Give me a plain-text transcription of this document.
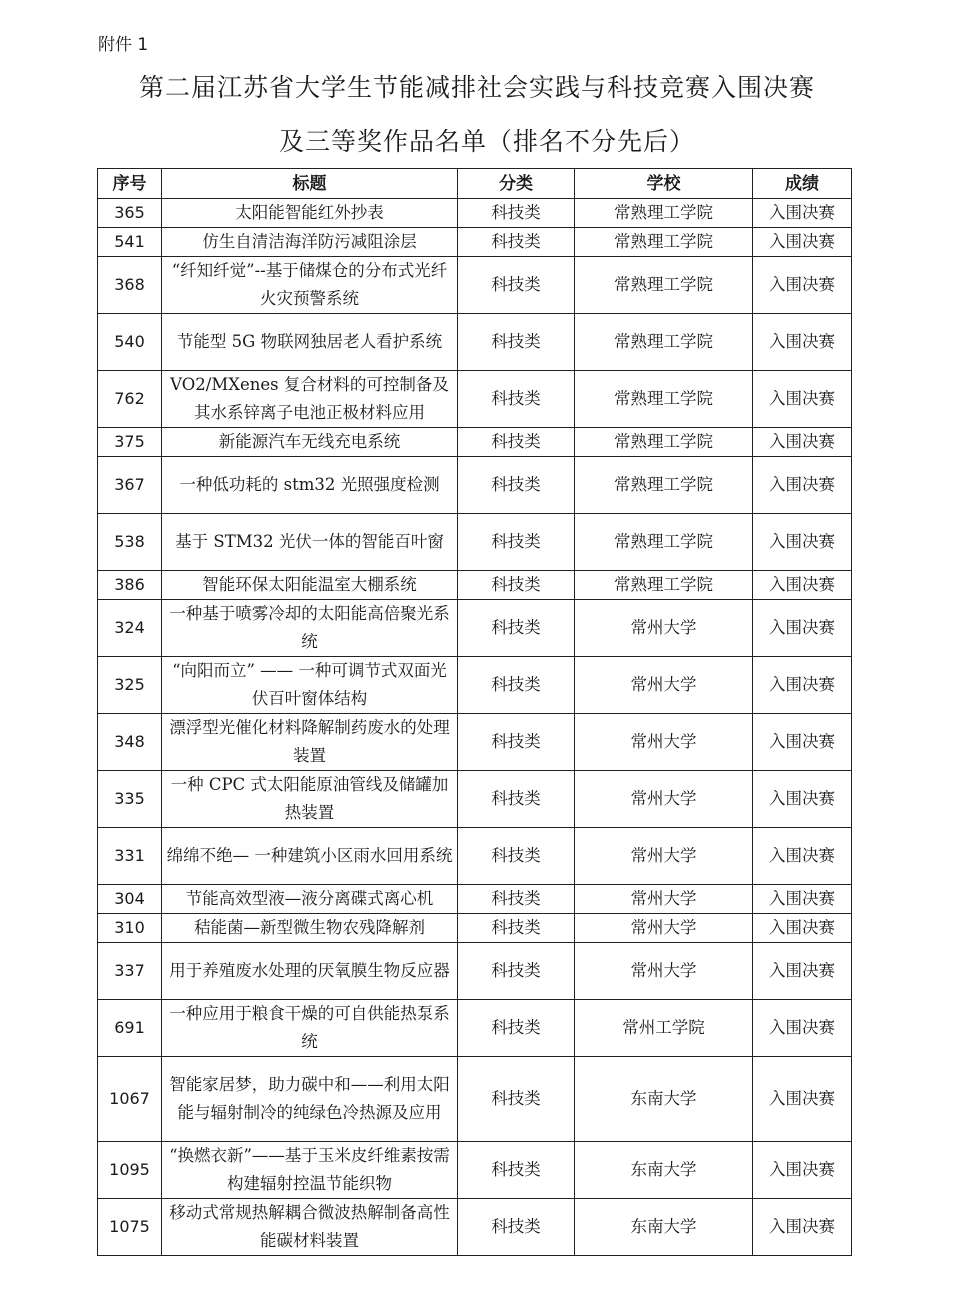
附件 1
第二届江苏省大学生节能减排社会实践与科技竞赛入围决赛
及三等奖作品名单（排名不分先后）
序号	标题	分类	学校	成绩
365	太阳能智能红外抄表	科技类	常熟理工学院	入围决赛
541	仿生自清洁海洋防污减阻涂层	科技类	常熟理工学院	入围决赛
368	“纤知纤觉”--基于储煤仓的分布式光纤火灾预警系统	科技类	常熟理工学院	入围决赛
540	节能型 5G 物联网独居老人看护系统	科技类	常熟理工学院	入围决赛
762	VO2/MXenes 复合材料的可控制备及其水系锌离子电池正极材料应用	科技类	常熟理工学院	入围决赛
375	新能源汽车无线充电系统	科技类	常熟理工学院	入围决赛
367	一种低功耗的 stm32 光照强度检测	科技类	常熟理工学院	入围决赛
538	基于 STM32 光伏一体的智能百叶窗	科技类	常熟理工学院	入围决赛
386	智能环保太阳能温室大棚系统	科技类	常熟理工学院	入围决赛
324	一种基于喷雾冷却的太阳能高倍聚光系统	科技类	常州大学	入围决赛
325	“向阳而立” —— 一种可调节式双面光伏百叶窗体结构	科技类	常州大学	入围决赛
348	漂浮型光催化材料降解制药废水的处理装置	科技类	常州大学	入围决赛
335	一种 CPC 式太阳能原油管线及储罐加热装置	科技类	常州大学	入围决赛
331	绵绵不绝— 一种建筑小区雨水回用系统	科技类	常州大学	入围决赛
304	节能高效型液—液分离碟式离心机	科技类	常州大学	入围决赛
310	秸能菌—新型微生物农残降解剂	科技类	常州大学	入围决赛
337	用于养殖废水处理的厌氧膜生物反应器	科技类	常州大学	入围决赛
691	一种应用于粮食干燥的可自供能热泵系统	科技类	常州工学院	入围决赛
1067	智能家居梦，助力碳中和——利用太阳能与辐射制冷的纯绿色冷热源及应用	科技类	东南大学	入围决赛
1095	“换燃衣新”——基于玉米皮纤维素按需构建辐射控温节能织物	科技类	东南大学	入围决赛
1075	移动式常规热解耦合微波热解制备高性能碳材料装置	科技类	东南大学	入围决赛
